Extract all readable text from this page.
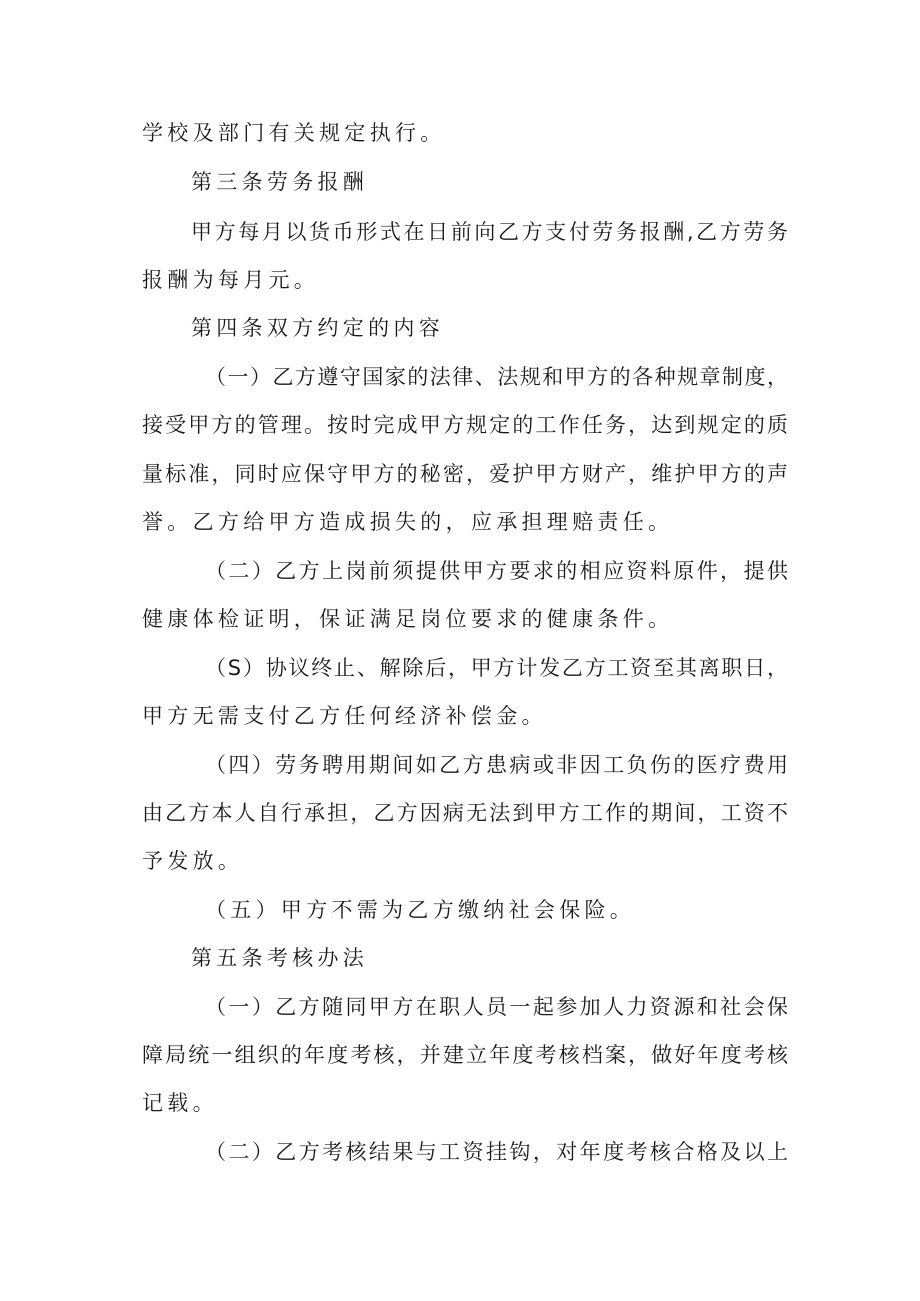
学校及部门有关规定执行。
第三条劳务报酬
甲方每月以货币形式在日前向乙方支付劳务报酬,乙方劳务
报酬为每月元。
第四条双方约定的内容
（一）乙方遵守国家的法律、法规和甲方的各种规章制度，
接受甲方的管理。按时完成甲方规定的工作任务，达到规定的质
量标准，同时应保守甲方的秘密，爱护甲方财产，维护甲方的声
誉。乙方给甲方造成损失的，应承担理赔责任。
（二）乙方上岗前须提供甲方要求的相应资料原件，提供
健康体检证明，保证满足岗位要求的健康条件。
（S）协议终止、解除后，甲方计发乙方工资至其离职日，
甲方无需支付乙方任何经济补偿金。
（四）劳务聘用期间如乙方患病或非因工负伤的医疗费用
由乙方本人自行承担，乙方因病无法到甲方工作的期间，工资不
予发放。
（五）甲方不需为乙方缴纳社会保险。
第五条考核办法
（一）乙方随同甲方在职人员一起参加人力资源和社会保
障局统一组织的年度考核，并建立年度考核档案，做好年度考核
记载。
（二）乙方考核结果与工资挂钩，对年度考核合格及以上
